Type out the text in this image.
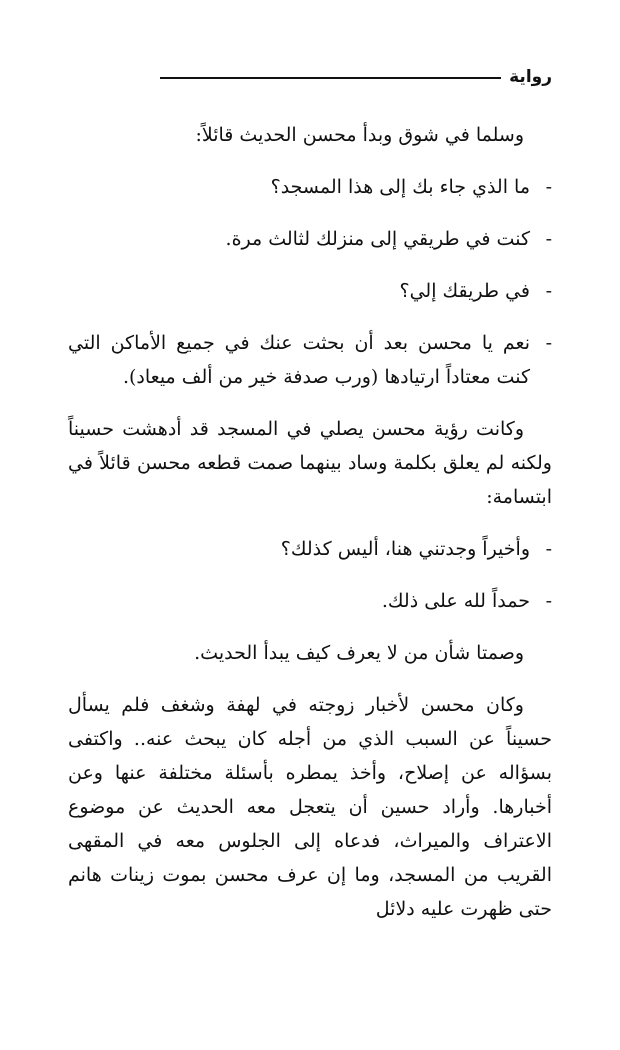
رواية

وسلما في شوق وبدأ محسن الحديث قائلاً:

-
ما الذي جاء بك إلى هذا المسجد؟

-
كنت في طريقي إلى منزلك لثالث مرة.

-
في طريقك إلي؟

-
نعم يا محسن بعد أن بحثت عنك في جميع الأماكن التي كنت معتاداً ارتيادها (ورب صدفة خير من ألف ميعاد).

وكانت رؤية محسن يصلي في المسجد قد أدهشت حسيناً ولكنه لم يعلق بكلمة وساد بينهما صمت قطعه محسن قائلاً في ابتسامة:

-
وأخيراً وجدتني هنا، أليس كذلك؟

-
حمداً لله على ذلك.

وصمتا شأن من لا يعرف كيف يبدأ الحديث.

وكان محسن لأخبار زوجته في لهفة وشغف فلم يسأل حسيناً عن السبب الذي من أجله كان يبحث عنه.. واكتفى بسؤاله عن إصلاح، وأخذ يمطره بأسئلة مختلفة عنها وعن أخبارها. وأراد حسين أن يتعجل معه الحديث عن موضوع الاعتراف والميراث، فدعاه إلى الجلوس معه في المقهى القريب من المسجد، وما إن عرف محسن بموت زينات هانم حتى ظهرت عليه دلائل
